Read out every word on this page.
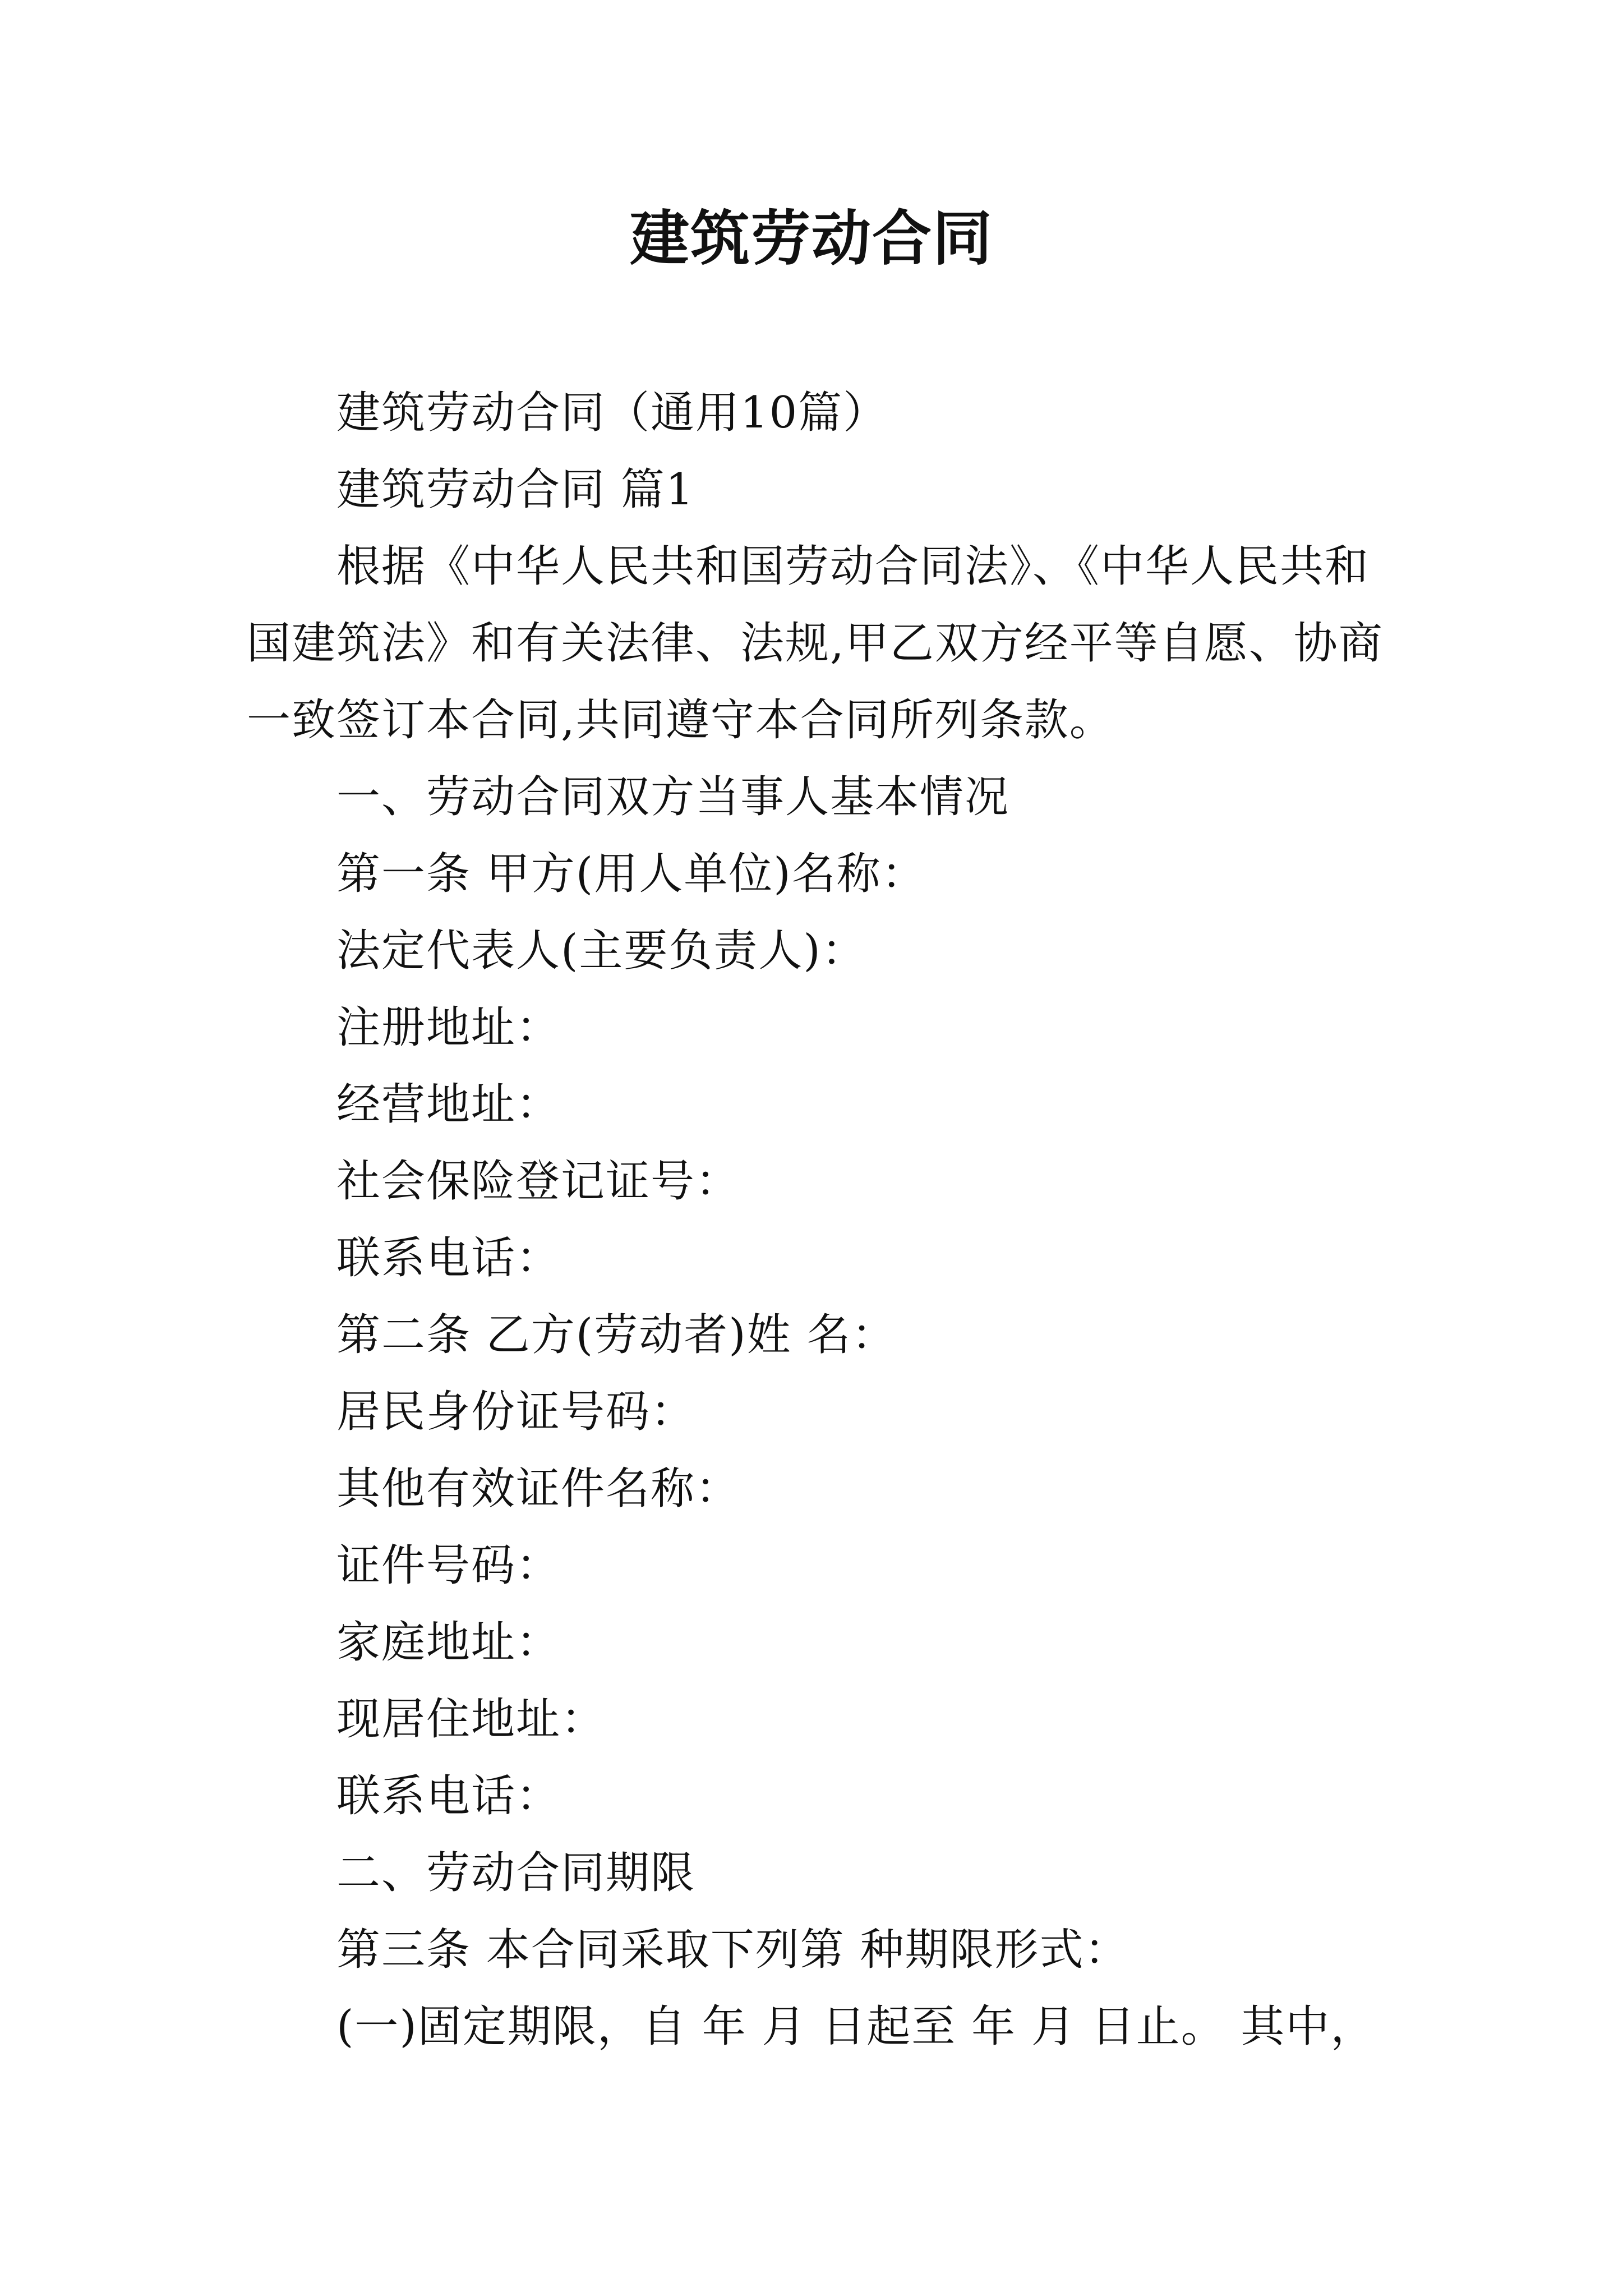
建筑劳动合同

建筑劳动合同（通用10篇）

建筑劳动合同 篇1

根据《中华人民共和国劳动合同法》、《中华人民共和国建筑法》和有关法律、法规,甲乙双方经平等自愿、协商一致签订本合同,共同遵守本合同所列条款。

一、劳动合同双方当事人基本情况

第一条 甲方(用人单位)名称：

法定代表人(主要负责人)：

注册地址：

经营地址：

社会保险登记证号：

联系电话：

第二条 乙方(劳动者)姓 名：

居民身份证号码：

其他有效证件名称：

证件号码：

家庭地址：

现居住地址：

联系电话：

二、劳动合同期限

第三条 本合同采取下列第 种期限形式：

(一)固定期限，自 年 月 日起至 年 月 日止。 其中，
